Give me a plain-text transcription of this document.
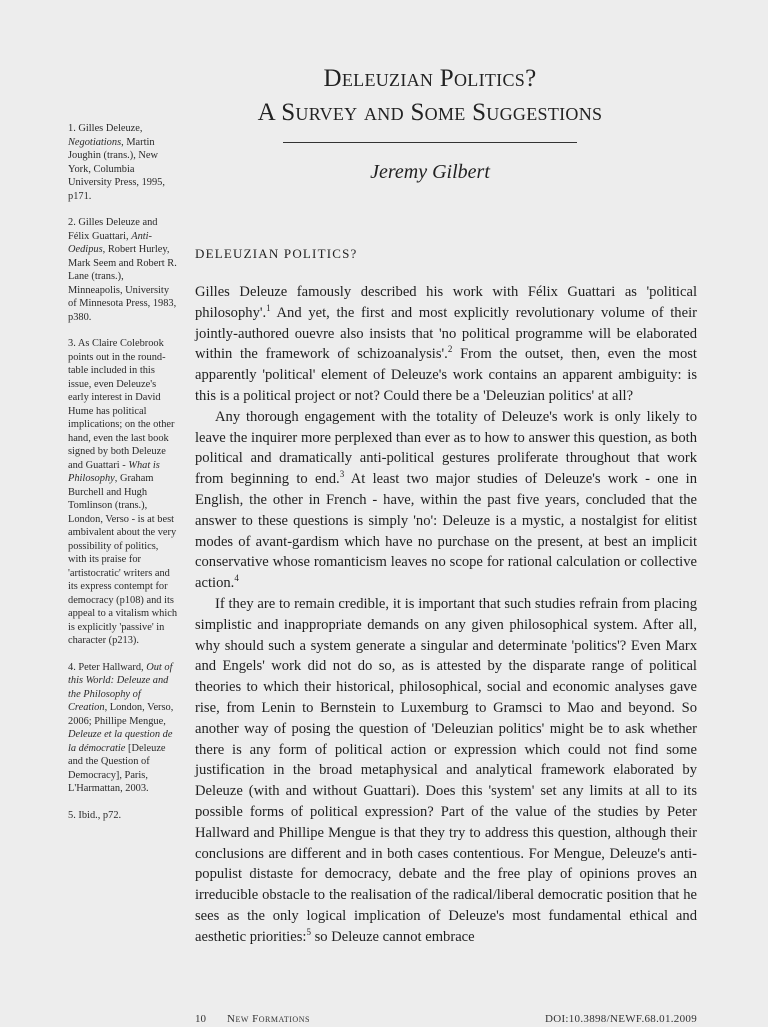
Deleuzian Politics?
A Survey and Some Suggestions
Jeremy Gilbert
1. Gilles Deleuze, Negotiations, Martin Joughin (trans.), New York, Columbia University Press, 1995, p171.
2. Gilles Deleuze and Félix Guattari, Anti-Oedipus, Robert Hurley, Mark Seem and Robert R. Lane (trans.), Minneapolis, University of Minnesota Press, 1983, p380.
3. As Claire Colebrook points out in the round-table included in this issue, even Deleuze's early interest in David Hume has political implications; on the other hand, even the last book signed by both Deleuze and Guattari - What is Philosophy, Graham Burchell and Hugh Tomlinson (trans.), London, Verso - is at best ambivalent about the very possibility of politics, with its praise for 'artistocratic' writers and its express contempt for democracy (p108) and its appeal to a vitalism which is explicitly 'passive' in character (p213).
4. Peter Hallward, Out of this World: Deleuze and the Philosophy of Creation, London, Verso, 2006; Phillipe Mengue, Deleuze et la question de la démocratie [Deleuze and the Question of Democracy], Paris, L'Harmattan, 2003.
5. Ibid., p72.
DELEUZIAN POLITICS?

Gilles Deleuze famously described his work with Félix Guattari as 'political philosophy'.$^1$ And yet, the first and most explicitly revolutionary volume of their jointly-authored ouevre also insists that 'no political programme will be elaborated within the framework of schizoanalysis'.$^2$ From the outset, then, even the most apparently 'political' element of Deleuze's work contains an apparent ambiguity: is this is a political project or not? Could there be a 'Deleuzian politics' at all?

Any thorough engagement with the totality of Deleuze's work is only likely to leave the inquirer more perplexed than ever as to how to answer this question, as both political and dramatically anti-political gestures proliferate throughout that work from beginning to end.$^3$ At least two major studies of Deleuze's work - one in English, the other in French - have, within the past five years, concluded that the answer to these questions is simply 'no': Deleuze is a mystic, a nostalgist for elitist modes of avant-gardism which have no purchase on the present, at best an implicit conservative whose romanticism leaves no scope for rational calculation or collective action.$^4$

If they are to remain credible, it is important that such studies refrain from placing simplistic and inappropriate demands on any given philosophical system. After all, why should such a system generate a singular and determinate 'politics'? Even Marx and Engels' work did not do so, as is attested by the disparate range of political theories to which their historical, philosophical, social and economic analyses gave rise, from Lenin to Bernstein to Luxemburg to Gramsci to Mao and beyond. So another way of posing the question of 'Deleuzian politics' might be to ask whether there is any form of political action or expression which could not find some justification in the broad metaphysical and analytical framework elaborated by Deleuze (with and without Guattari). Does this 'system' set any limits at all to its possible forms of political expression? Part of the value of the studies by Peter Hallward and Phillipe Mengue is that they try to address this question, although their conclusions are different and in both cases contentious. For Mengue, Deleuze's anti-populist distaste for democracy, debate and the free play of opinions proves an irreducible obstacle to the realisation of the radical/liberal democratic position that he sees as the only logical implication of Deleuze's most fundamental ethical and aesthetic priorities:$^5$ so Deleuze cannot embrace

10 New Formations	DOI:10.3898/NEWF.68.01.2009
